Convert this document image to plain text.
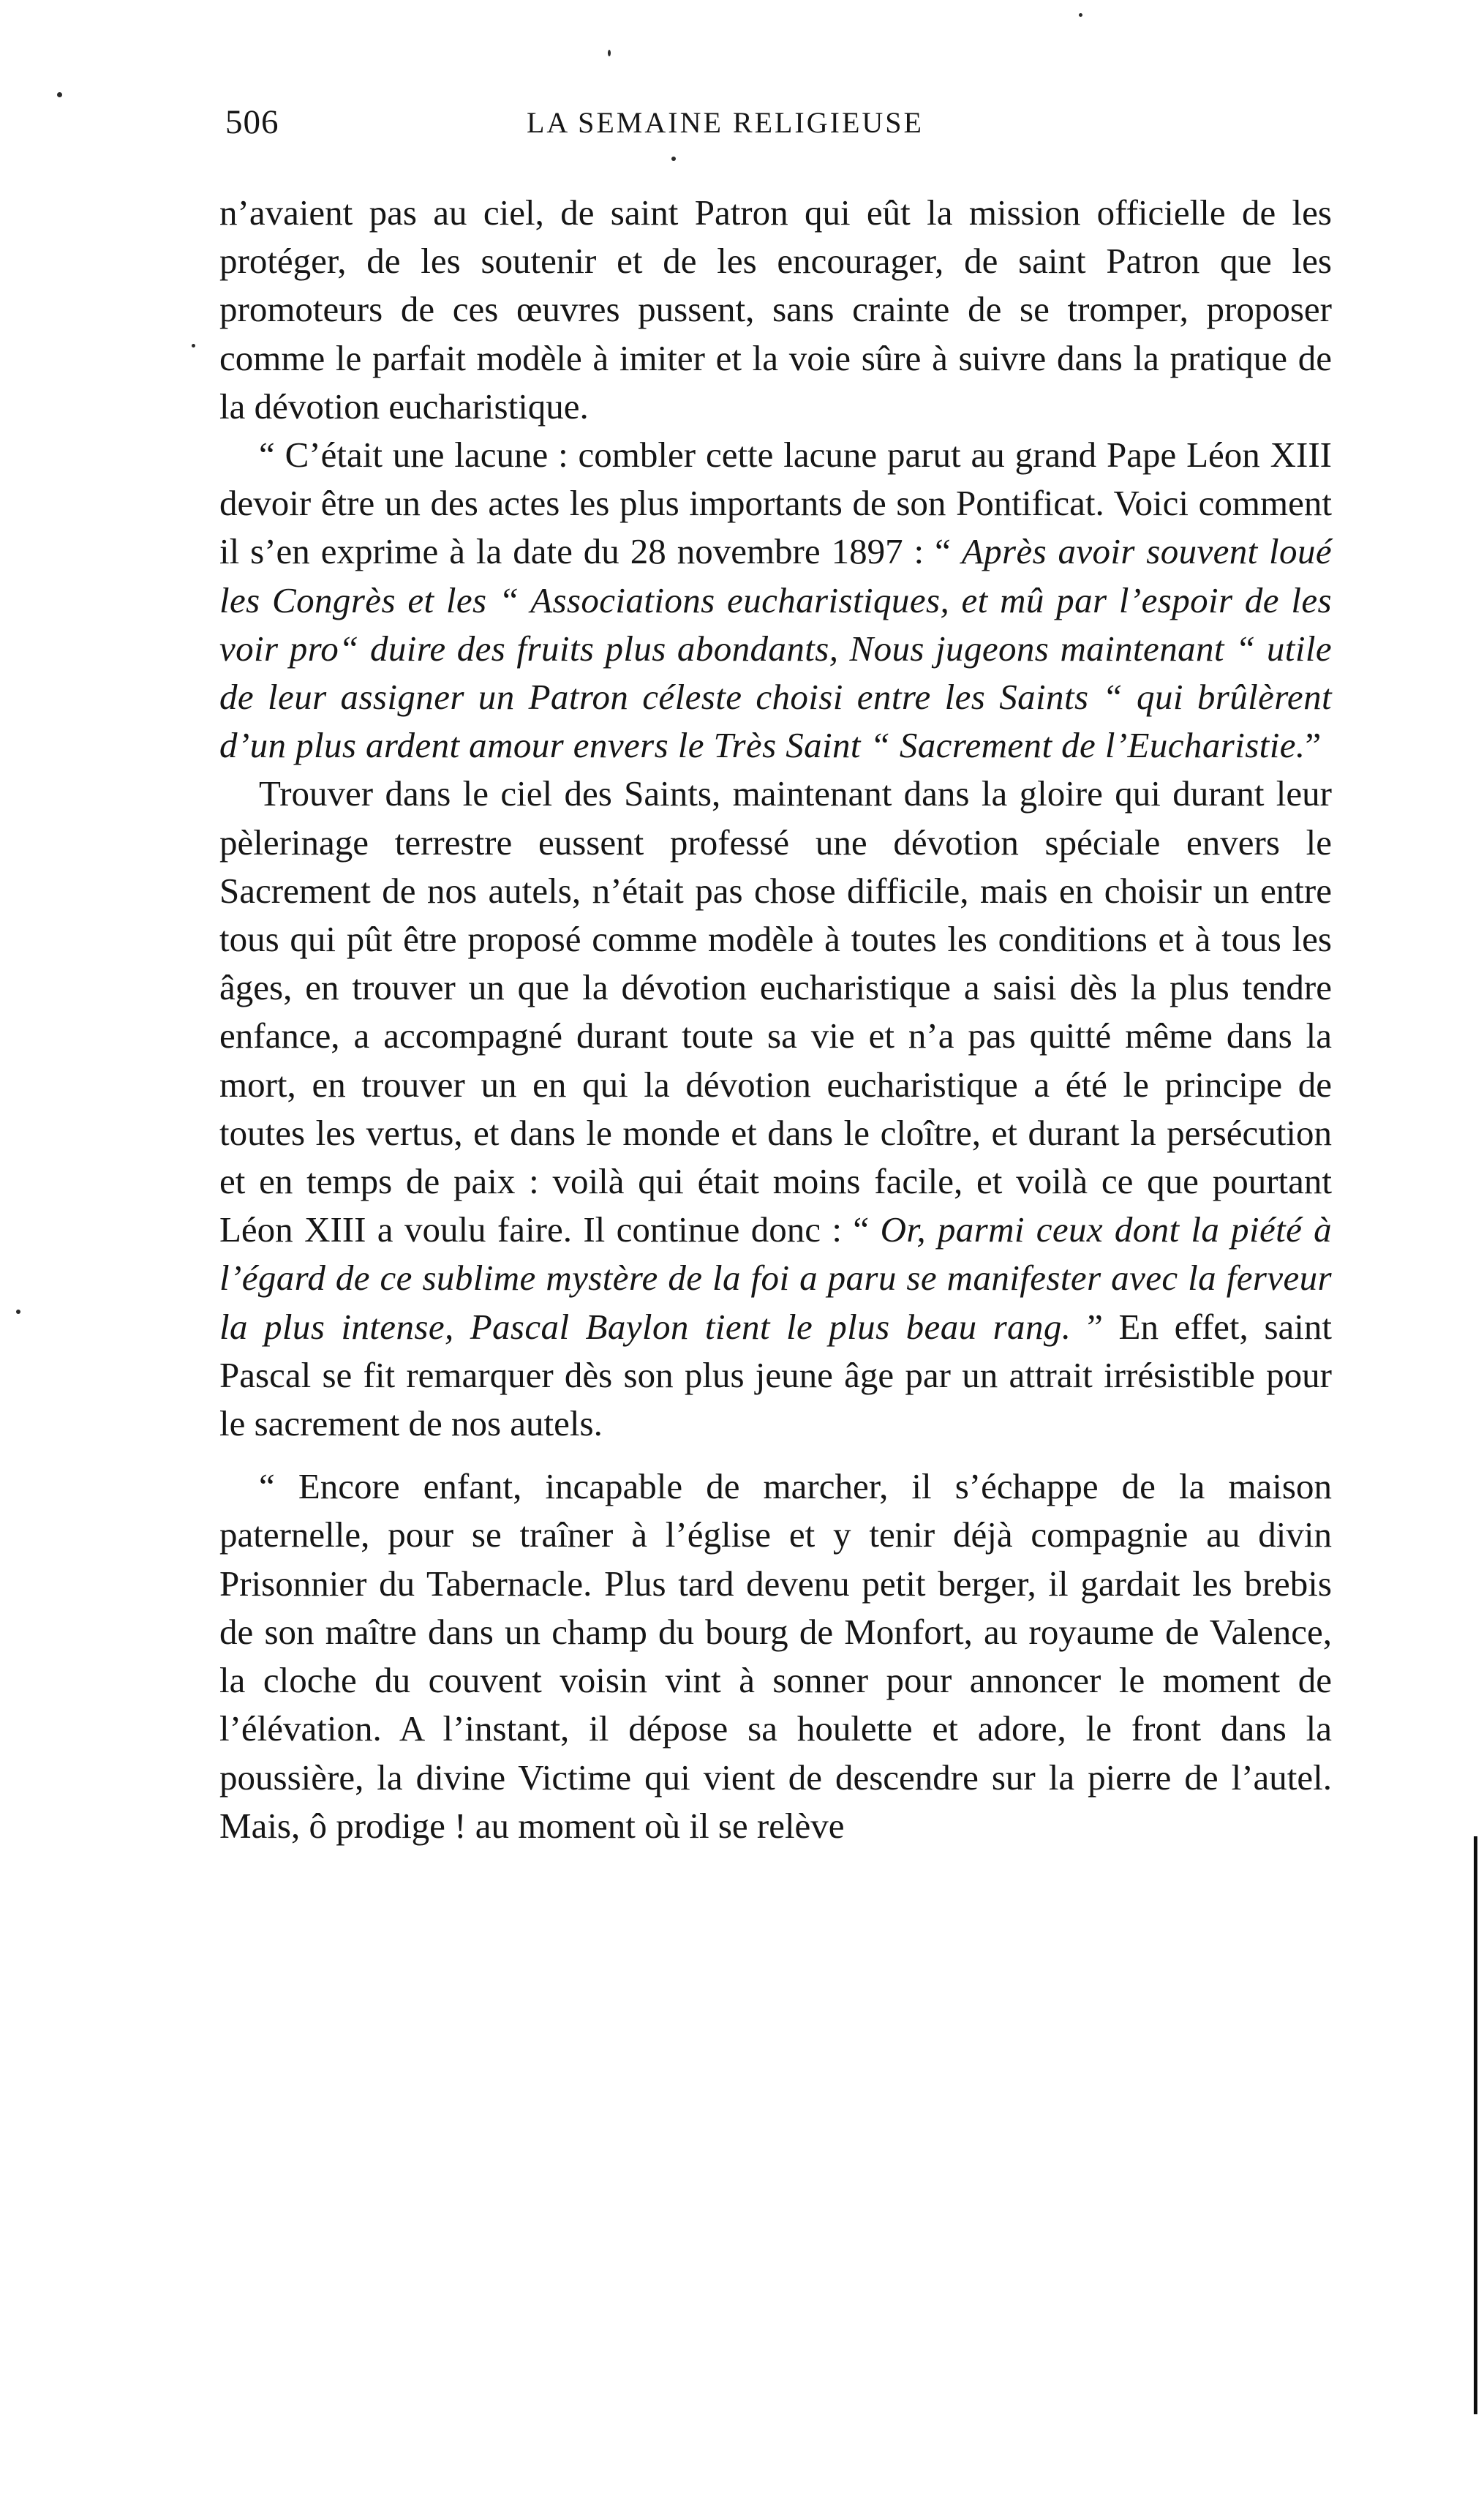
506	LA SEMAINE RELIGIEUSE

n’avaient pas au ciel, de saint Patron qui eût la mission officielle de les protéger, de les soutenir et de les encourager, de saint Patron que les promoteurs de ces œuvres pussent, sans crainte de se tromper, proposer comme le parfait modèle à imiter et la voie sûre à suivre dans la pratique de la dévotion eucharistique.

“ C’était une lacune : combler cette lacune parut au grand Pape Léon XIII devoir être un des actes les plus importants de son Pontificat. Voici comment il s’en exprime à la date du 28 novembre 1897 : “ Après avoir souvent loué les Congrès et les “ Associations eucharistiques, et mû par l’espoir de les voir pro“ duire des fruits plus abondants, Nous jugeons maintenant “ utile de leur assigner un Patron céleste choisi entre les Saints “ qui brûlèrent d’un plus ardent amour envers le Très Saint “ Sacrement de l’Eucharistie.”

Trouver dans le ciel des Saints, maintenant dans la gloire qui durant leur pèlerinage terrestre eussent professé une dévotion spéciale envers le Sacrement de nos autels, n’était pas chose difficile, mais en choisir un entre tous qui pût être proposé comme modèle à toutes les conditions et à tous les âges, en trouver un que la dévotion eucharistique a saisi dès la plus tendre enfance, a accompagné durant toute sa vie et n’a pas quitté même dans la mort, en trouver un en qui la dévotion eucharistique a été le principe de toutes les vertus, et dans le monde et dans le cloître, et durant la persécution et en temps de paix : voilà qui était moins facile, et voilà ce que pourtant Léon XIII a voulu faire. Il continue donc : “ Or, parmi ceux dont la piété à l’égard de ce sublime mystère de la foi a paru se manifester avec la ferveur la plus intense, Pascal Baylon tient le plus beau rang. ” En effet, saint Pascal se fit remarquer dès son plus jeune âge par un attrait irrésistible pour le sacrement de nos autels.

“ Encore enfant, incapable de marcher, il s’échappe de la maison paternelle, pour se traîner à l’église et y tenir déjà compagnie au divin Prisonnier du Tabernacle. Plus tard devenu petit berger, il gardait les brebis de son maître dans un champ du bourg de Monfort, au royaume de Valence, la cloche du couvent voisin vint à sonner pour annoncer le moment de l’élévation. A l’instant, il dépose sa houlette et adore, le front dans la poussière, la divine Victime qui vient de descendre sur la pierre de l’autel. Mais, ô prodige ! au moment où il se relève
